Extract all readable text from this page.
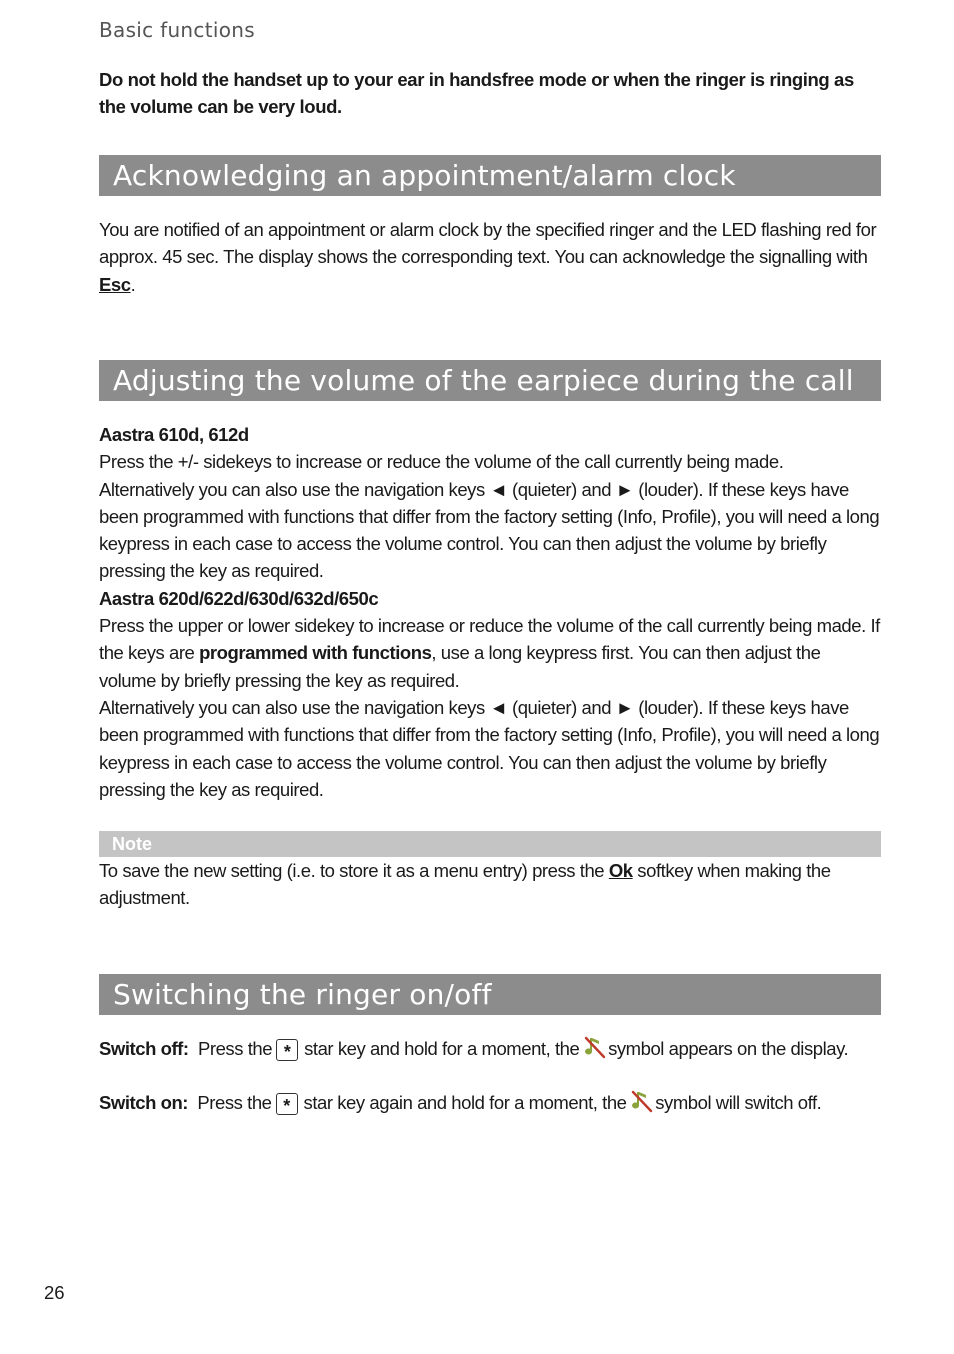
Basic functions
Do not hold the handset up to your ear in handsfree mode or when the ringer is ringing as the volume can be very loud.
Acknowledging an appointment/alarm clock

You are notified of an appointment or alarm clock by the specified ringer and the LED flashing red for approx. 45 sec. The display shows the corresponding text. You can acknowledge the signalling with Esc.

Adjusting the volume of the earpiece during the call

Aastra 610d, 612d

Press the +/- sidekeys to increase or reduce the volume of the call currently being made. Alternatively you can also use the navigation keys ◄ (quieter) and ► (louder). If these keys have been programmed with functions that differ from the factory setting (Info, Profile), you will need a long keypress in each case to access the volume control. You can then adjust the volume by briefly pressing the key as required.

Aastra 620d/622d/630d/632d/650c

Press the upper or lower sidekey to increase or reduce the volume of the call currently being made. If the keys are programmed with functions, use a long keypress first. You can then adjust the volume by briefly pressing the key as required.

Alternatively you can also use the navigation keys ◄ (quieter) and ► (louder). If these keys have been programmed with functions that differ from the factory setting (Info, Profile), you will need a long keypress in each case to access the volume control. You can then adjust the volume by briefly pressing the key as required.

Note

To save the new setting (i.e. to store it as a menu entry) press the Ok softkey when making the adjustment.

Switching the ringer on/off
Switch off: Press the * star key and hold for a moment, the symbol appears on the display.
Switch on: Press the * star key again and hold for a moment, the symbol will switch off.
26
